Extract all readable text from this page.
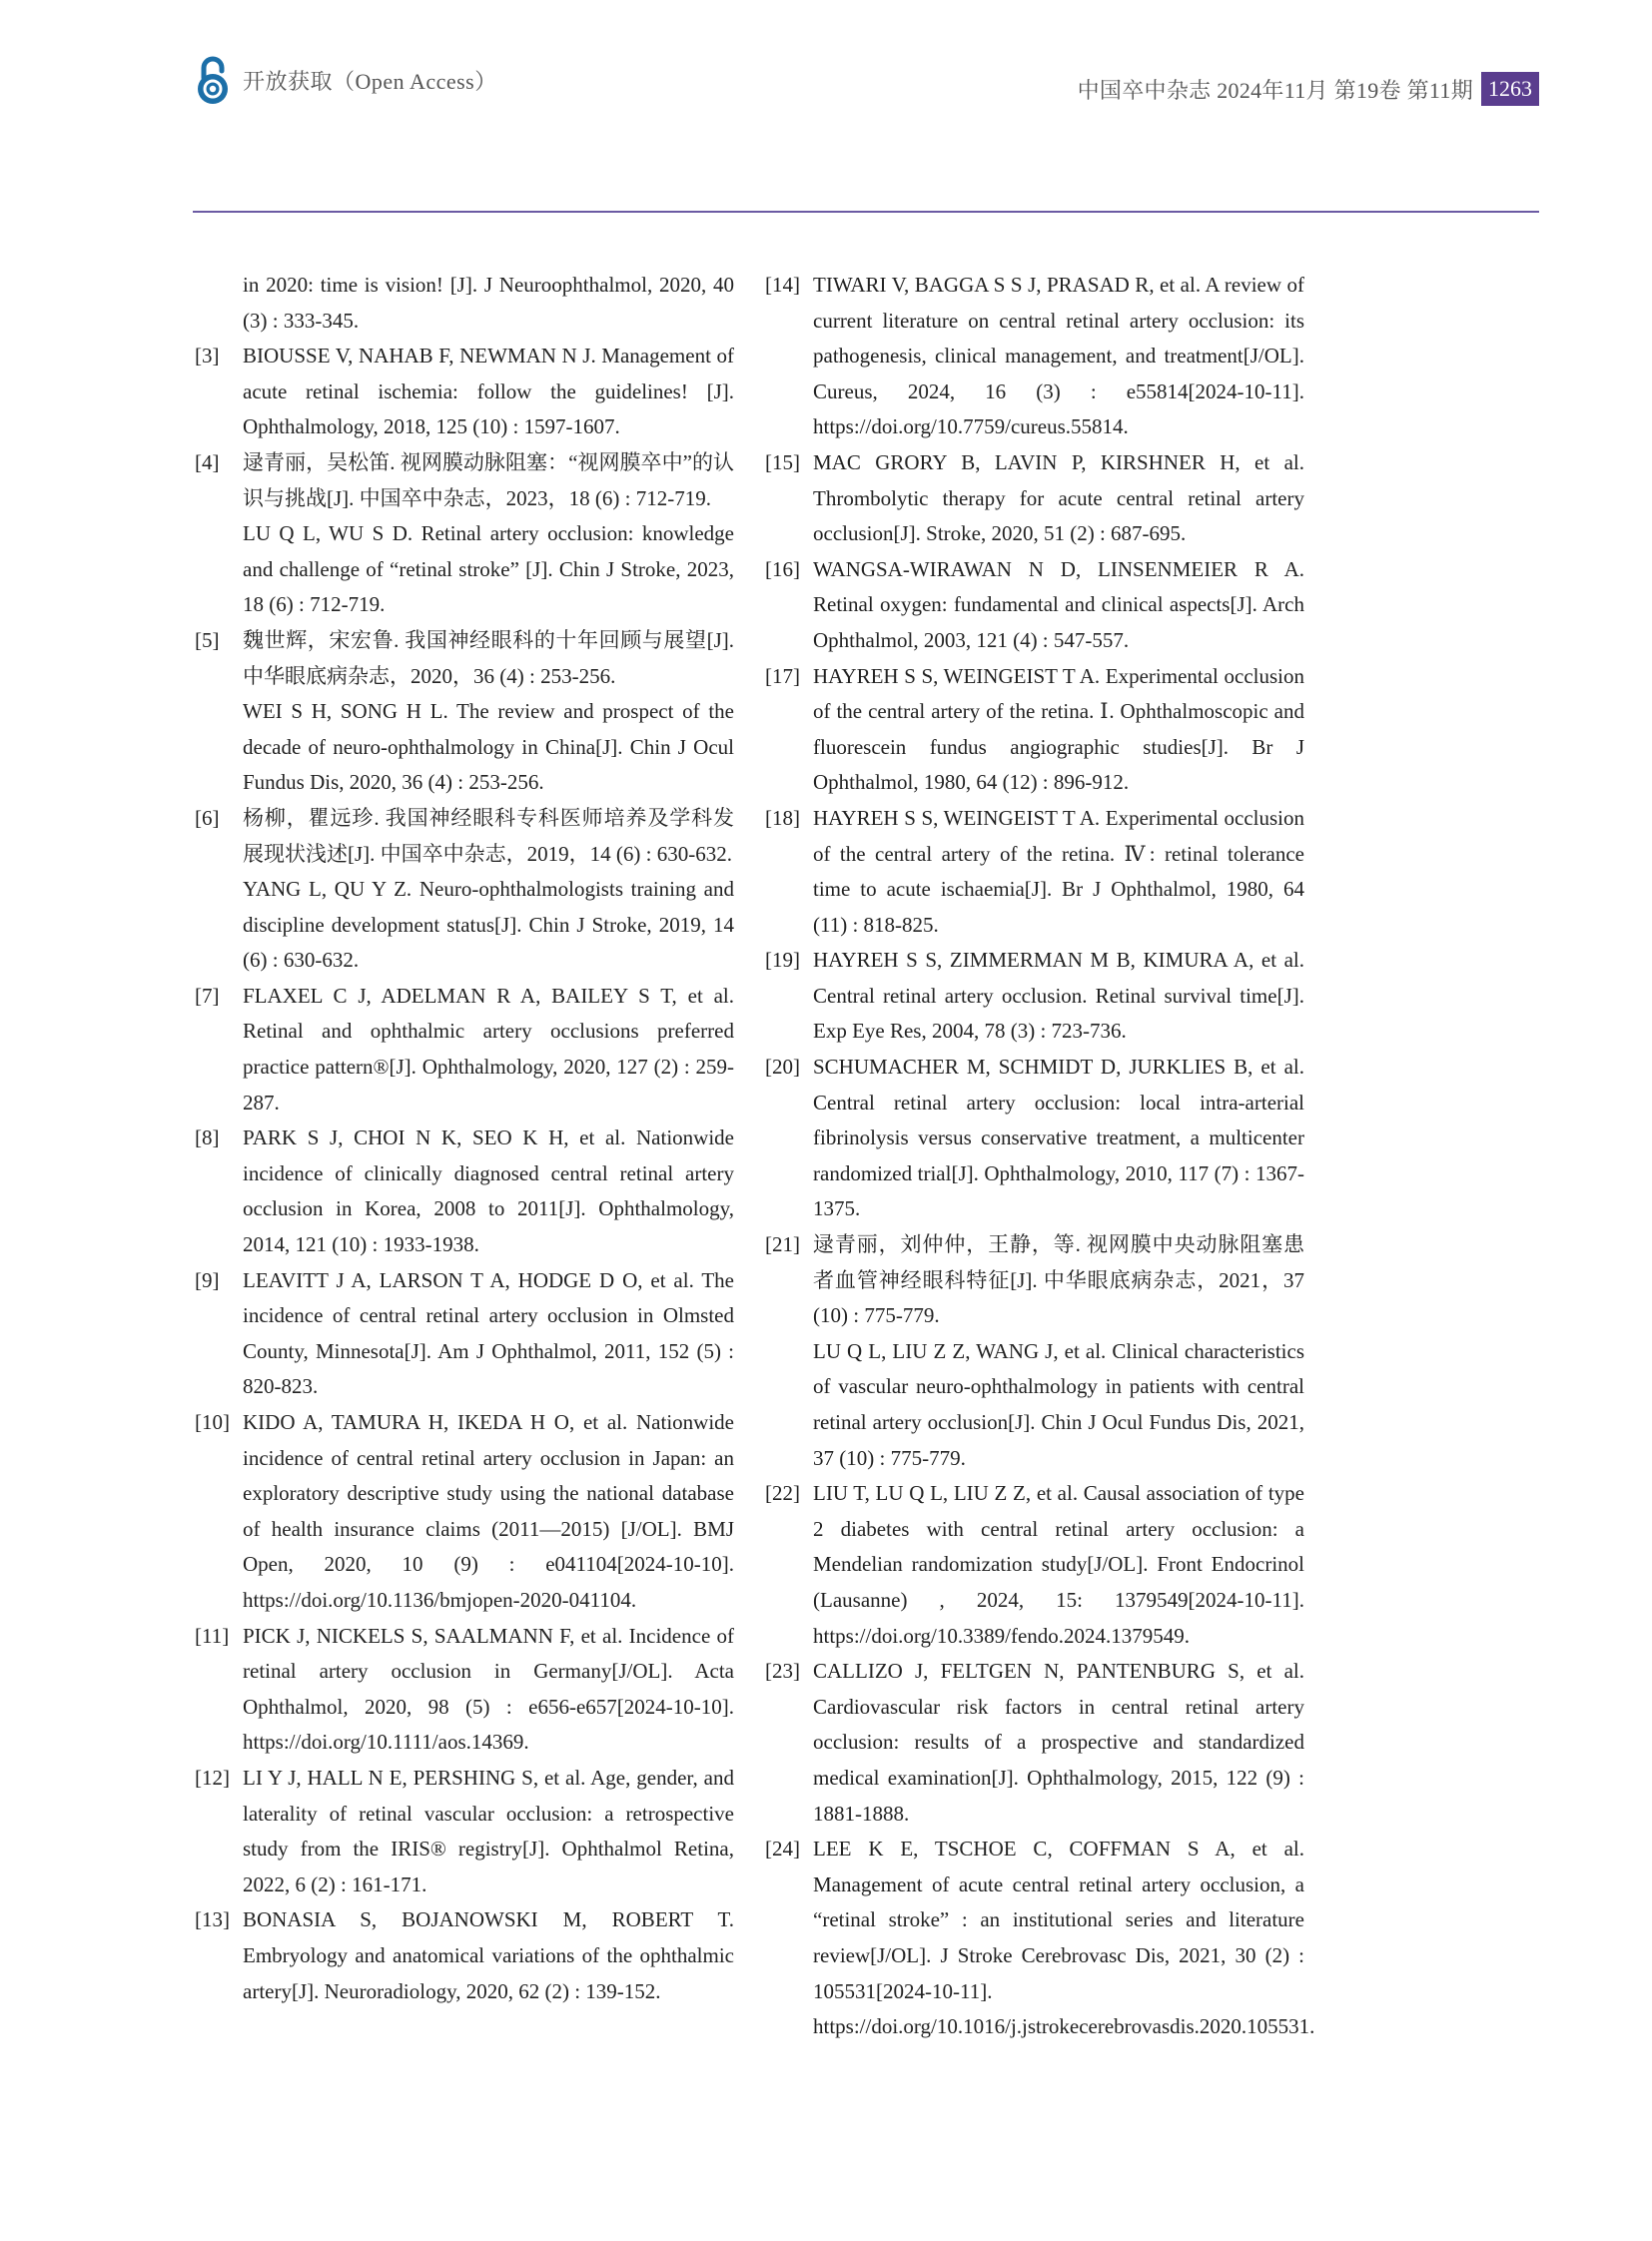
开放获取（Open Access）	中国卒中杂志 2024年11月 第19卷 第11期 1263
in 2020: time is vision! [J]. J Neuroophthalmol, 2020, 40 (3) : 333-345.
[3] BIOUSSE V, NAHAB F, NEWMAN N J. Management of acute retinal ischemia: follow the guidelines! [J]. Ophthalmology, 2018, 125 (10) : 1597-1607.
[4] 逯青丽，吴松笛. 视网膜动脉阻塞：“视网膜卒中”的认识与挑战[J]. 中国卒中杂志，2023，18 (6) : 712-719.
LU Q L, WU S D. Retinal artery occlusion: knowledge and challenge of “retinal stroke” [J]. Chin J Stroke, 2023, 18 (6) : 712-719.
[5] 魏世辉，宋宏鲁. 我国神经眼科的十年回顾与展望[J]. 中华眼底病杂志，2020，36 (4) : 253-256.
WEI S H, SONG H L. The review and prospect of the decade of neuro-ophthalmology in China[J]. Chin J Ocul Fundus Dis, 2020, 36 (4) : 253-256.
[6] 杨柳，瞿远珍. 我国神经眼科专科医师培养及学科发展现状浅述[J]. 中国卒中杂志，2019，14 (6) : 630-632.
YANG L, QU Y Z. Neuro-ophthalmologists training and discipline development status[J]. Chin J Stroke, 2019, 14 (6) : 630-632.
[7] FLAXEL C J, ADELMAN R A, BAILEY S T, et al. Retinal and ophthalmic artery occlusions preferred practice pattern®[J]. Ophthalmology, 2020, 127 (2) : 259-287.
[8] PARK S J, CHOI N K, SEO K H, et al. Nationwide incidence of clinically diagnosed central retinal artery occlusion in Korea, 2008 to 2011[J]. Ophthalmology, 2014, 121 (10) : 1933-1938.
[9] LEAVITT J A, LARSON T A, HODGE D O, et al. The incidence of central retinal artery occlusion in Olmsted County, Minnesota[J]. Am J Ophthalmol, 2011, 152 (5) : 820-823.
[10] KIDO A, TAMURA H, IKEDA H O, et al. Nationwide incidence of central retinal artery occlusion in Japan: an exploratory descriptive study using the national database of health insurance claims (2011—2015) [J/OL]. BMJ Open, 2020, 10 (9) : e041104[2024-10-10]. https://doi.org/10.1136/bmjopen-2020-041104.
[11] PICK J, NICKELS S, SAALMANN F, et al. Incidence of retinal artery occlusion in Germany[J/OL]. Acta Ophthalmol, 2020, 98 (5) : e656-e657[2024-10-10]. https://doi.org/10.1111/aos.14369.
[12] LI Y J, HALL N E, PERSHING S, et al. Age, gender, and laterality of retinal vascular occlusion: a retrospective study from the IRIS® registry[J]. Ophthalmol Retina, 2022, 6 (2) : 161-171.
[13] BONASIA S, BOJANOWSKI M, ROBERT T. Embryology and anatomical variations of the ophthalmic artery[J]. Neuroradiology, 2020, 62 (2) : 139-152.
[14] TIWARI V, BAGGA S S J, PRASAD R, et al. A review of current literature on central retinal artery occlusion: its pathogenesis, clinical management, and treatment[J/OL]. Cureus, 2024, 16 (3) : e55814[2024-10-11]. https://doi.org/10.7759/cureus.55814.
[15] MAC GRORY B, LAVIN P, KIRSHNER H, et al. Thrombolytic therapy for acute central retinal artery occlusion[J]. Stroke, 2020, 51 (2) : 687-695.
[16] WANGSA-WIRAWAN N D, LINSENMEIER R A. Retinal oxygen: fundamental and clinical aspects[J]. Arch Ophthalmol, 2003, 121 (4) : 547-557.
[17] HAYREH S S, WEINGEIST T A. Experimental occlusion of the central artery of the retina. Ⅰ. Ophthalmoscopic and fluorescein fundus angiographic studies[J]. Br J Ophthalmol, 1980, 64 (12) : 896-912.
[18] HAYREH S S, WEINGEIST T A. Experimental occlusion of the central artery of the retina. Ⅳ: retinal tolerance time to acute ischaemia[J]. Br J Ophthalmol, 1980, 64 (11) : 818-825.
[19] HAYREH S S, ZIMMERMAN M B, KIMURA A, et al. Central retinal artery occlusion. Retinal survival time[J]. Exp Eye Res, 2004, 78 (3) : 723-736.
[20] SCHUMACHER M, SCHMIDT D, JURKLIES B, et al. Central retinal artery occlusion: local intra-arterial fibrinolysis versus conservative treatment, a multicenter randomized trial[J]. Ophthalmology, 2010, 117 (7) : 1367-1375.
[21] 逯青丽，刘仲仲，王静，等. 视网膜中央动脉阻塞患者血管神经眼科特征[J]. 中华眼底病杂志，2021，37 (10) : 775-779.
LU Q L, LIU Z Z, WANG J, et al. Clinical characteristics of vascular neuro-ophthalmology in patients with central retinal artery occlusion[J]. Chin J Ocul Fundus Dis, 2021, 37 (10) : 775-779.
[22] LIU T, LU Q L, LIU Z Z, et al. Causal association of type 2 diabetes with central retinal artery occlusion: a Mendelian randomization study[J/OL]. Front Endocrinol (Lausanne) , 2024, 15: 1379549[2024-10-11]. https://doi.org/10.3389/fendo.2024.1379549.
[23] CALLIZO J, FELTGEN N, PANTENBURG S, et al. Cardiovascular risk factors in central retinal artery occlusion: results of a prospective and standardized medical examination[J]. Ophthalmology, 2015, 122 (9) : 1881-1888.
[24] LEE K E, TSCHOE C, COFFMAN S A, et al. Management of acute central retinal artery occlusion, a “retinal stroke” : an institutional series and literature review[J/OL]. J Stroke Cerebrovasc Dis, 2021, 30 (2) : 105531[2024-10-11]. https://doi.org/10.1016/j.jstrokecerebrovasdis.2020.105531.
